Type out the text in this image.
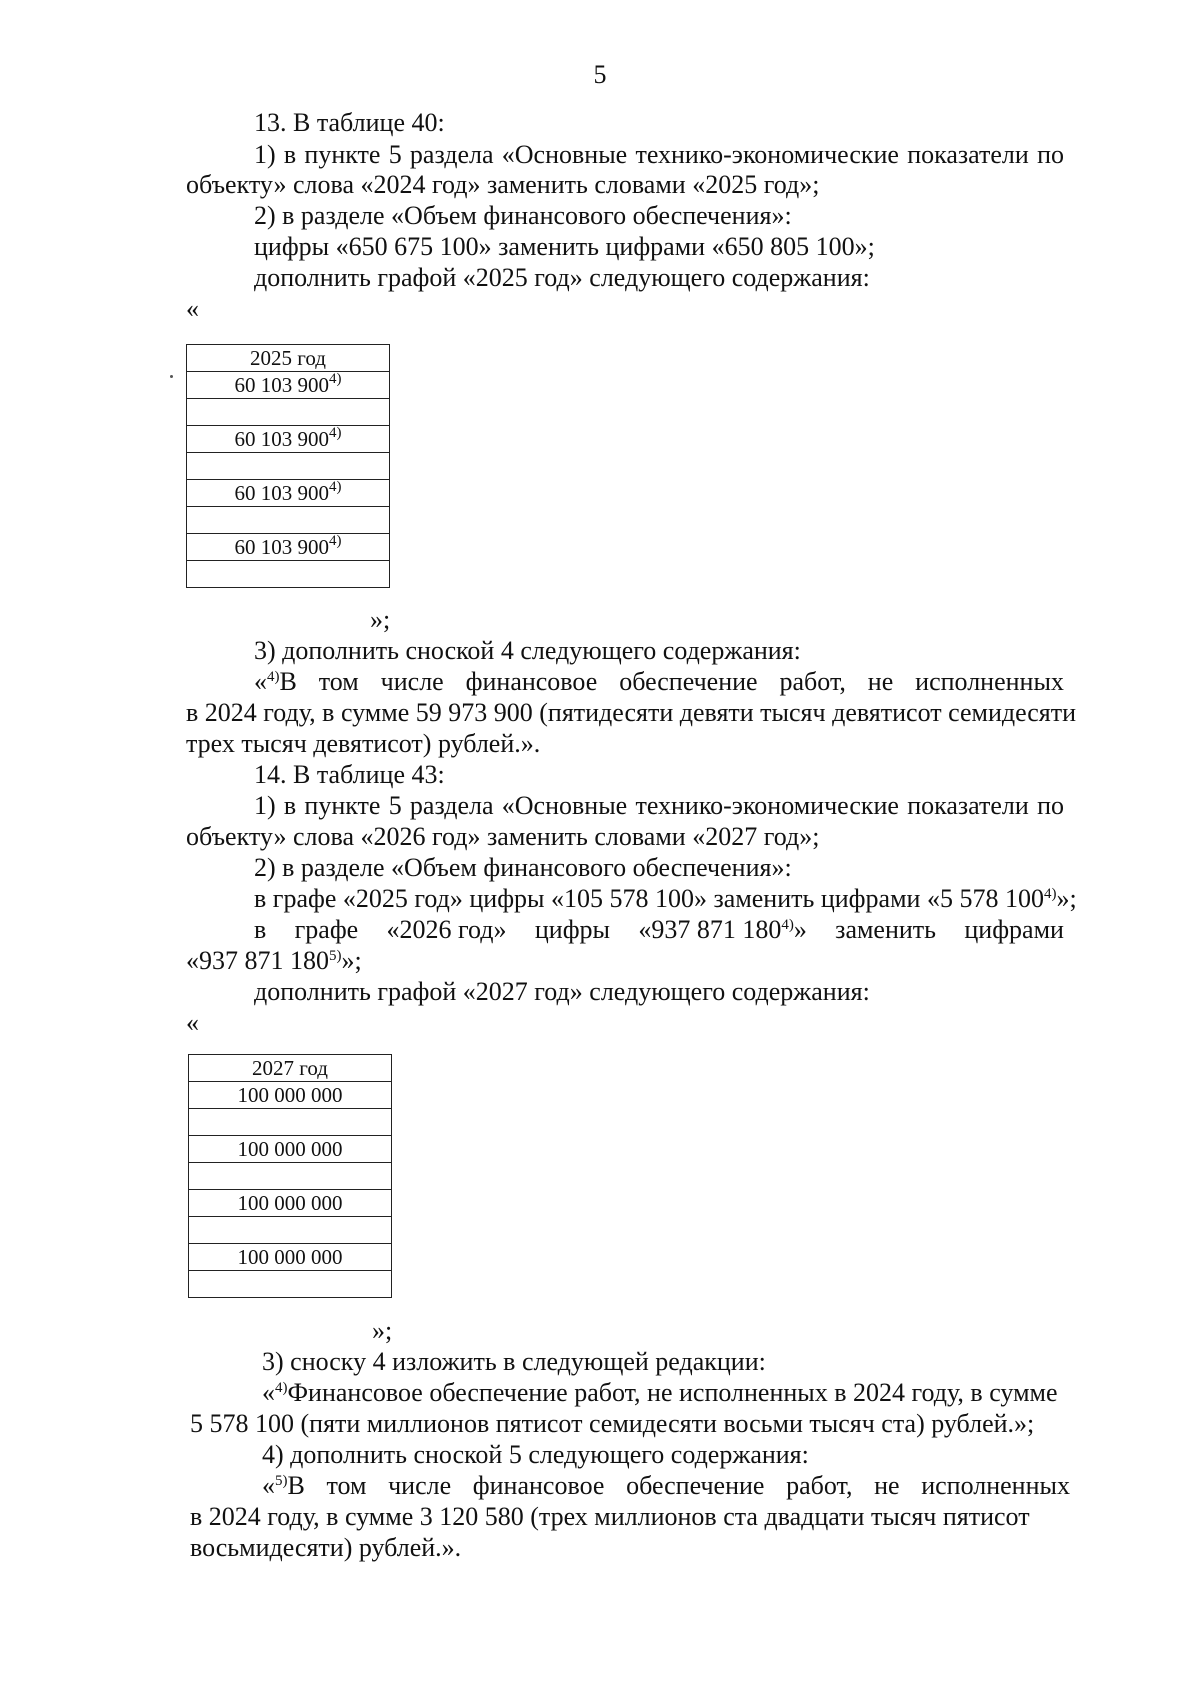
5
13. В таблице 40:
1) в пункте 5 раздела «Основные технико-экономические показатели по
объекту» слова «2024 год» заменить словами «2025 год»;
2) в разделе «Объем финансового обеспечения»:
цифры «650 675 100» заменить цифрами «650 805 100»;
дополнить графой «2025 год» следующего содержания:
«
2025 год
60 103 900$^{4)}$

60 103 900$^{4)}$

60 103 900$^{4)}$

60 103 900$^{4)}$

»;
3) дополнить сноской 4 следующего содержания:
«$^{4)}$В том числе финансовое обеспечение работ, не исполненных
в 2024 году, в сумме 59 973 900 (пятидесяти девяти тысяч девятисот семидесяти
трех тысяч девятисот) рублей.».
14. В таблице 43:
1) в пункте 5 раздела «Основные технико-экономические показатели по
объекту» слова «2026 год» заменить словами «2027 год»;
2) в разделе «Объем финансового обеспечения»:
в графе «2025 год» цифры «105 578 100» заменить цифрами «5 578 100$^{4)}$»;
в графе «2026 год» цифры «937 871 180$^{4)}$» заменить цифрами
«937 871 180$^{5)}$»;
дополнить графой «2027 год» следующего содержания:
«
2027 год
100 000 000

100 000 000

100 000 000

100 000 000

»;
3) сноску 4 изложить в следующей редакции:
«$^{4)}$Финансовое обеспечение работ, не исполненных в 2024 году, в сумме
5 578 100 (пяти миллионов пятисот семидесяти восьми тысяч ста) рублей.»;
4) дополнить сноской 5 следующего содержания:
«$^{5)}$В том числе финансовое обеспечение работ, не исполненных
в 2024 году, в сумме 3 120 580 (трех миллионов ста двадцати тысяч пятисот
восьмидесяти) рублей.».
